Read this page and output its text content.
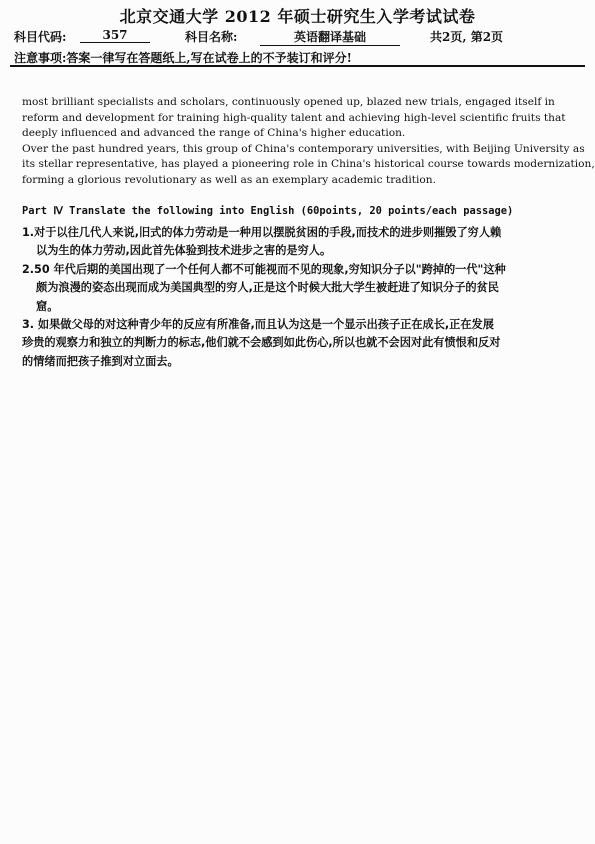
北京交通大学 2012 年硕士研究生入学考试试卷
科目代码:	357	科目名称:	英语翻译基础	共2页, 第2页
注意事项:答案一律写在答题纸上,写在试卷上的不予装订和评分!
most brilliant specialists and scholars, continuously opened up, blazed new trials, engaged itself in
reform and development for training high-quality talent and achieving high-level scientific fruits that
deeply influenced and advanced the range of China's higher education.
Over the past hundred years, this group of China's contemporary universities, with Beijing University as
its stellar representative, has played a pioneering role in China's historical course towards modernization,
forming a glorious revolutionary as well as an exemplary academic tradition.
Part Ⅳ Translate the following into English (60points, 20 points/each passage)
1.对于以往几代人来说,旧式的体力劳动是一种用以摆脱贫困的手段,而技术的进步则摧毁了穷人赖
以为生的体力劳动,因此首先体验到技术进步之害的是穷人。
2.50 年代后期的美国出现了一个任何人都不可能视而不见的现象,穷知识分子以"跨掉的一代"这种
颇为浪漫的姿态出现而成为美国典型的穷人,正是这个时候大批大学生被赶进了知识分子的贫民
窟。
3. 如果做父母的对这种青少年的反应有所准备,而且认为这是一个显示出孩子正在成长,正在发展
珍贵的观察力和独立的判断力的标志,他们就不会感到如此伤心,所以也就不会因对此有愤恨和反对
的情绪而把孩子推到对立面去。
